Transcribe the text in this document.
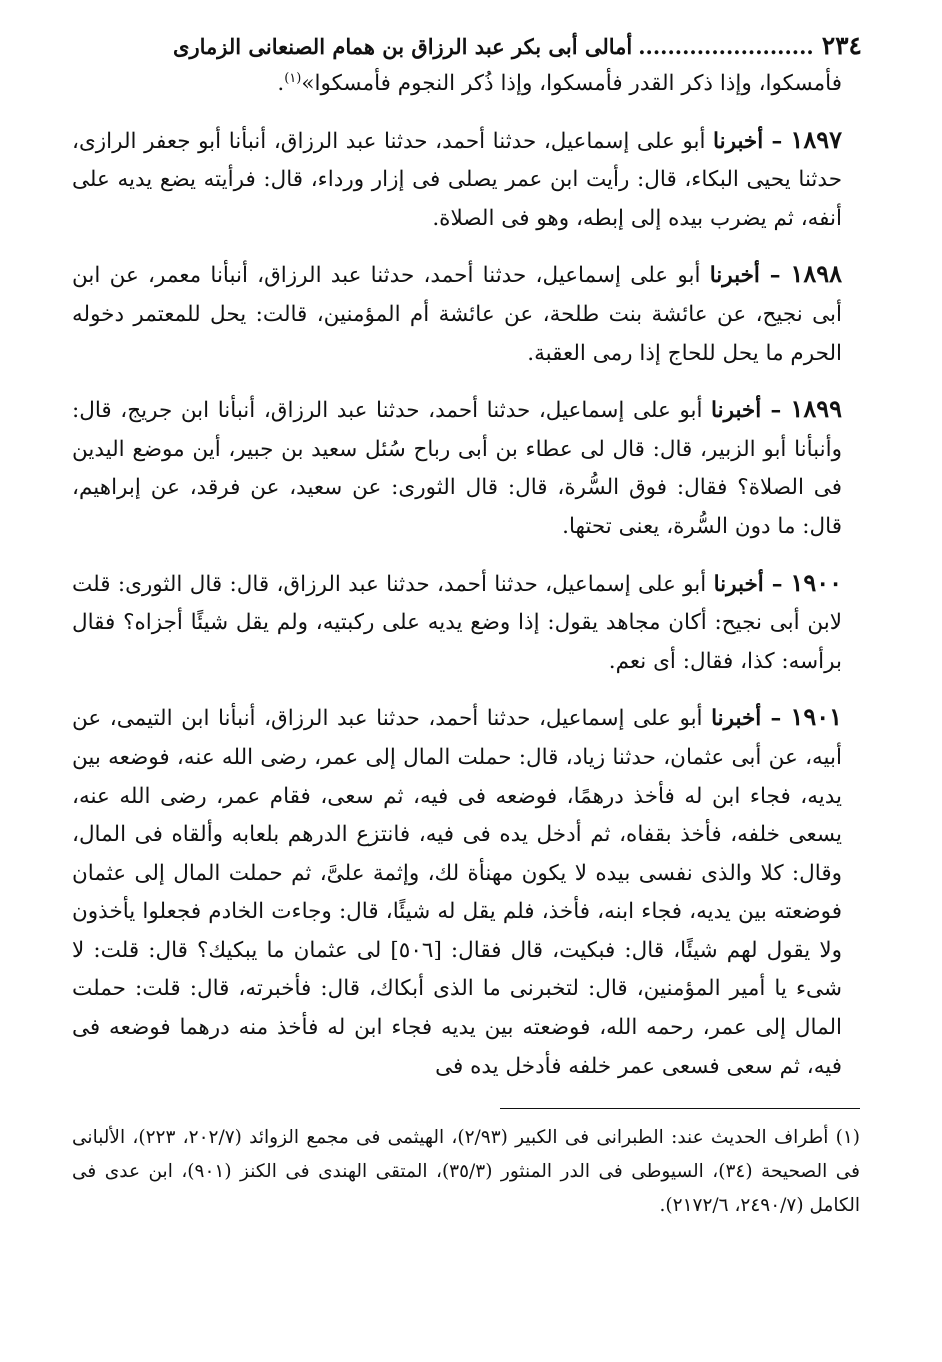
٢٣٤
........................
أمالى أبى بكر عبد الرزاق بن همام الصنعانى الزمارى

فأمسكوا، وإذا ذكر القدر فأمسكوا، وإذا ذُكر النجوم فأمسكوا»$^{(١)}$.

١٨٩٧ – أخبرنا أبو على إسماعيل، حدثنا أحمد، حدثنا عبد الرزاق، أنبأنا أبو جعفر الرازى، حدثنا يحيى البكاء، قال: رأيت ابن عمر يصلى فى إزار ورداء، قال: فرأيته يضع يديه على أنفه، ثم يضرب بيده إلى إبطه، وهو فى الصلاة.

١٨٩٨ – أخبرنا أبو على إسماعيل، حدثنا أحمد، حدثنا عبد الرزاق، أنبأنا معمر، عن ابن أبى نجيح، عن عائشة بنت طلحة، عن عائشة أم المؤمنين، قالت: يحل للمعتمر دخوله الحرم ما يحل للحاج إذا رمى العقبة.

١٨٩٩ – أخبرنا أبو على إسماعيل، حدثنا أحمد، حدثنا عبد الرزاق، أنبأنا ابن جريج، قال: وأنبأنا أبو الزبير، قال: قال لى عطاء بن أبى رباح سُئل سعيد بن جبير، أين موضع اليدين فى الصلاة؟ فقال: فوق السُّرة، قال: قال الثورى: عن سعيد، عن فرقد، عن إبراهيم، قال: ما دون السُّرة، يعنى تحتها.

١٩٠٠ – أخبرنا أبو على إسماعيل، حدثنا أحمد، حدثنا عبد الرزاق، قال: قال الثورى: قلت لابن أبى نجيح: أكان مجاهد يقول: إذا وضع يديه على ركبتيه، ولم يقل شيئًا أجزاه؟ فقال برأسه: كذا، فقال: أى نعم.

١٩٠١ – أخبرنا أبو على إسماعيل، حدثنا أحمد، حدثنا عبد الرزاق، أنبأنا ابن التيمى، عن أبيه، عن أبى عثمان، حدثنا زياد، قال: حملت المال إلى عمر، رضى الله عنه، فوضعه بين يديه، فجاء ابن له فأخذ درهمًا، فوضعه فى فيه، ثم سعى، فقام عمر، رضى الله عنه، يسعى خلفه، فأخذ بقفاه، ثم أدخل يده فى فيه، فانتزع الدرهم بلعابه وألقاه فى المال، وقال: كلا والذى نفسى بيده لا يكون مهنأة لك، وإثمة علىَّ، ثم حملت المال إلى عثمان فوضعته بين يديه، فجاء ابنه، فأخذ، فلم يقل له شيئًا، قال: وجاءت الخادم فجعلوا يأخذون ولا يقول لهم شيئًا، قال: فبكيت، قال فقال: [٥٠٦] لى عثمان ما يبكيك؟ قال: قلت: لا شىء يا أمير المؤمنين، قال: لتخبرنى ما الذى أبكاك، قال: فأخبرته، قال: قلت: حملت المال إلى عمر، رحمه الله، فوضعته بين يديه فجاء ابن له فأخذ منه درهما فوضعه فى فيه، ثم سعى فسعى عمر خلفه فأدخل يده فى

(١) أطراف الحديث عند: الطبرانى فى الكبير (٢/٩٣)، الهيثمى فى مجمع الزوائد (٢٠٢/٧، ٢٢٣)، الألبانى فى الصحيحة (٣٤)، السيوطى فى الدر المنثور (٣٥/٣)، المتقى الهندى فى الكنز (٩٠١)، ابن عدى فى الكامل (٢٤٩٠/٧، ٢١٧٢/٦).
